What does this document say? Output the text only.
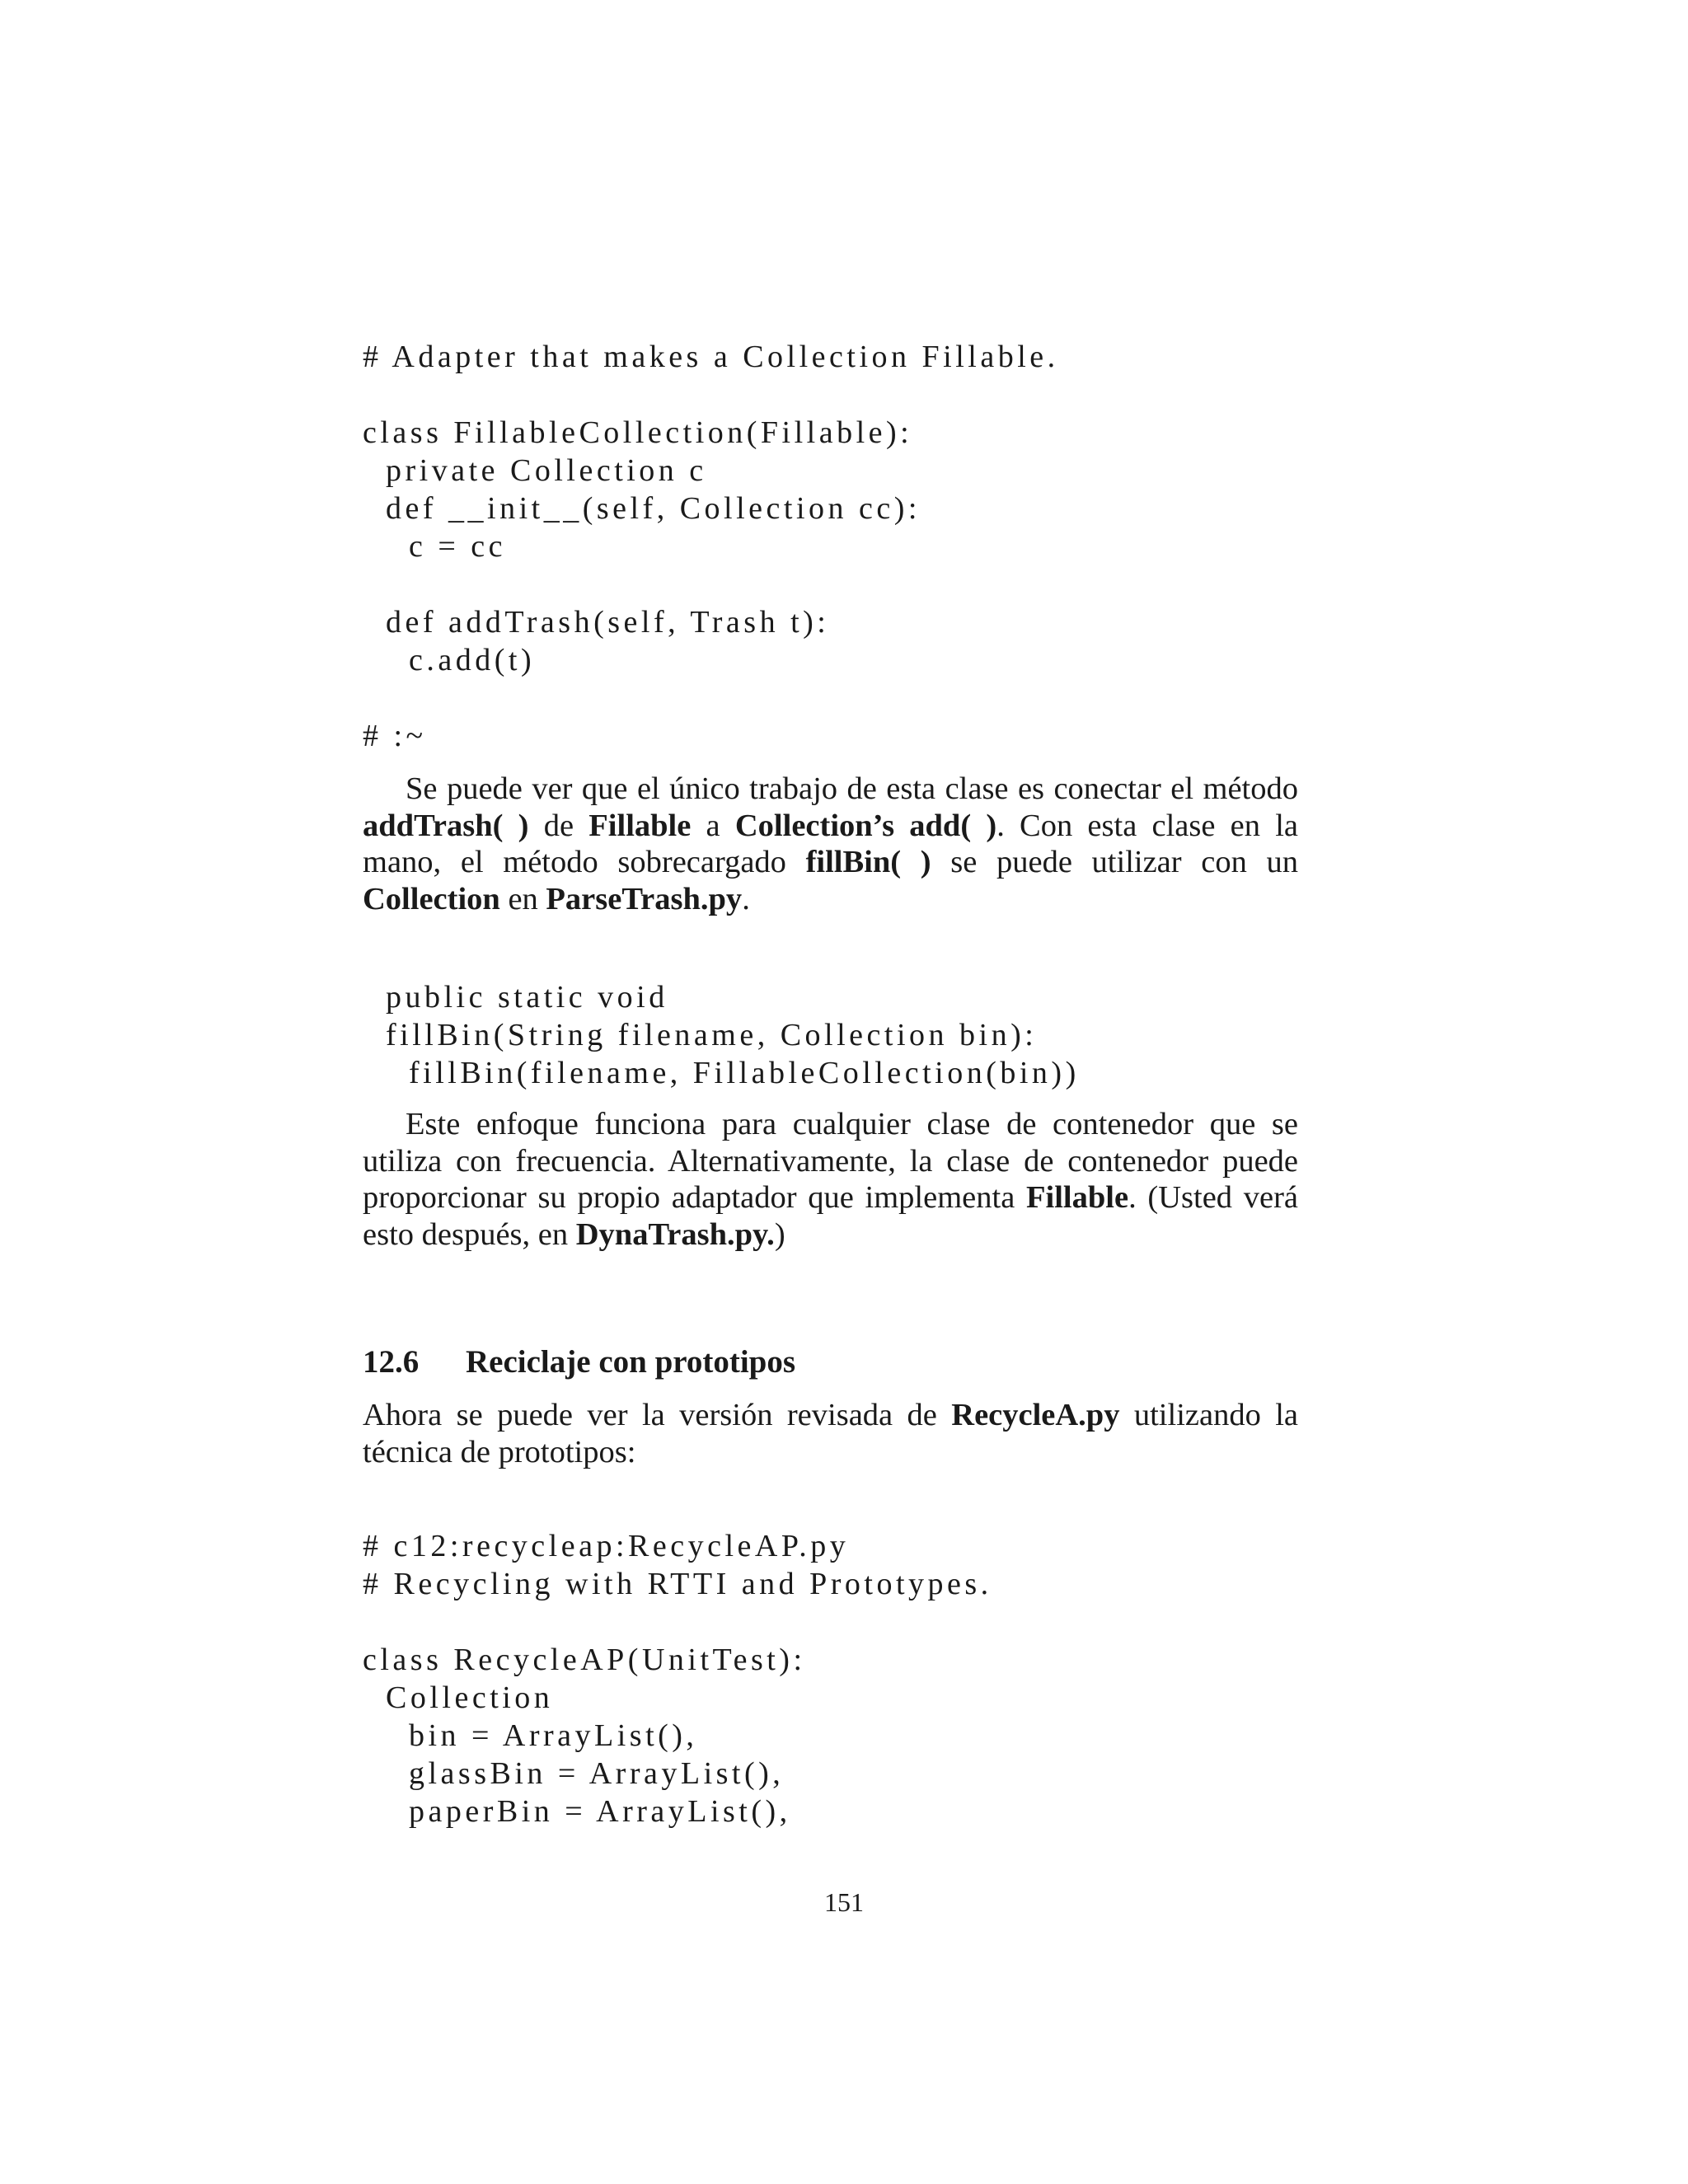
# Adapter that makes a Collection Fillable.
class FillableCollection(Fillable):
private Collection c
def __init__(self, Collection cc):
c = cc
def addTrash(self, Trash t):
c.add(t)
# :~

Se puede ver que el único trabajo de esta clase es conectar el método addTrash( ) de Fillable a Collection’s add( ). Con esta clase en la mano, el método sobrecargado fillBin( ) se puede utilizar con un Collection en ParseTrash.py.

public static void
fillBin(String filename, Collection bin):
fillBin(filename, FillableCollection(bin))

Este enfoque funciona para cualquier clase de contenedor que se utiliza con frecuencia. Alternativamente, la clase de contenedor puede proporcionar su propio adaptador que implementa Fillable. (Usted verá esto después, en DynaTrash.py.)

12.6 Reciclaje con prototipos

Ahora se puede ver la versión revisada de RecycleA.py utilizando la técnica de prototipos:

# c12:recycleap:RecycleAP.py
# Recycling with RTTI and Prototypes.
class RecycleAP(UnitTest):
Collection
bin = ArrayList(),
glassBin = ArrayList(),
paperBin = ArrayList(),
151
